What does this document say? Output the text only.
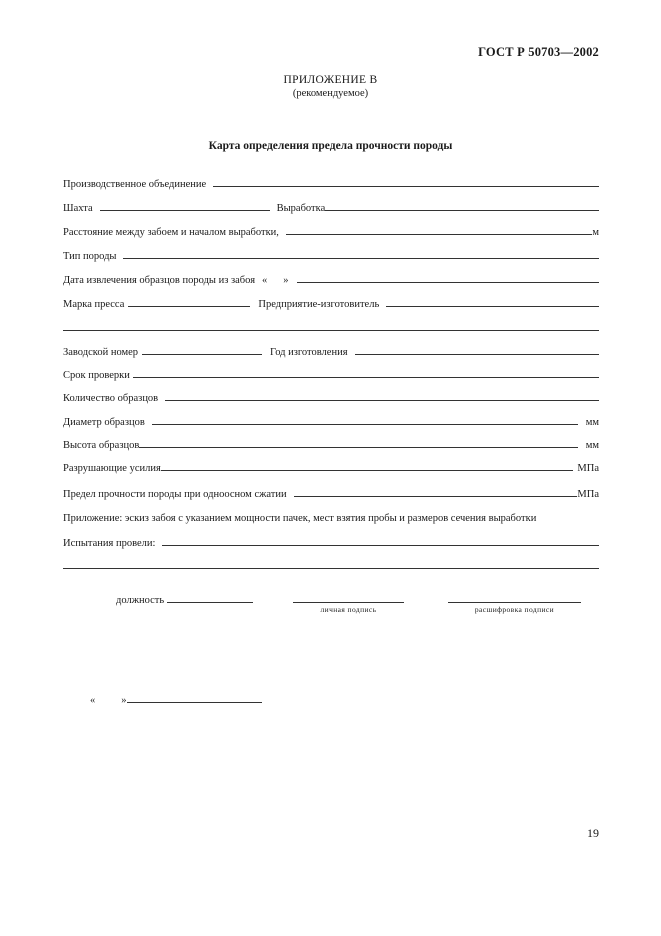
ГОСТ Р 50703—2002
ПРИЛОЖЕНИЕ В
(рекомендуемое)
Карта определения предела прочности породы
Производственное объединение
Шахта	Выработка
Расстояние между забоем и началом выработки,	м
Тип породы
Дата извлечения образцов породы из забоя « »
Марка пресса	Предприятие-изготовитель
Заводской номер	Год изготовления
Срок проверки
Количество образцов
Диаметр образцов	мм
Высота образцов	мм
Разрушающие усилия	МПа
Предел прочности породы при одноосном сжатии	МПа
Приложение: эскиз забоя с указанием мощности пачек, мест взятия пробы и размеров сечения выработки
Испытания провели:
должность
личная подпись	расшифровка подписи
« »
19
